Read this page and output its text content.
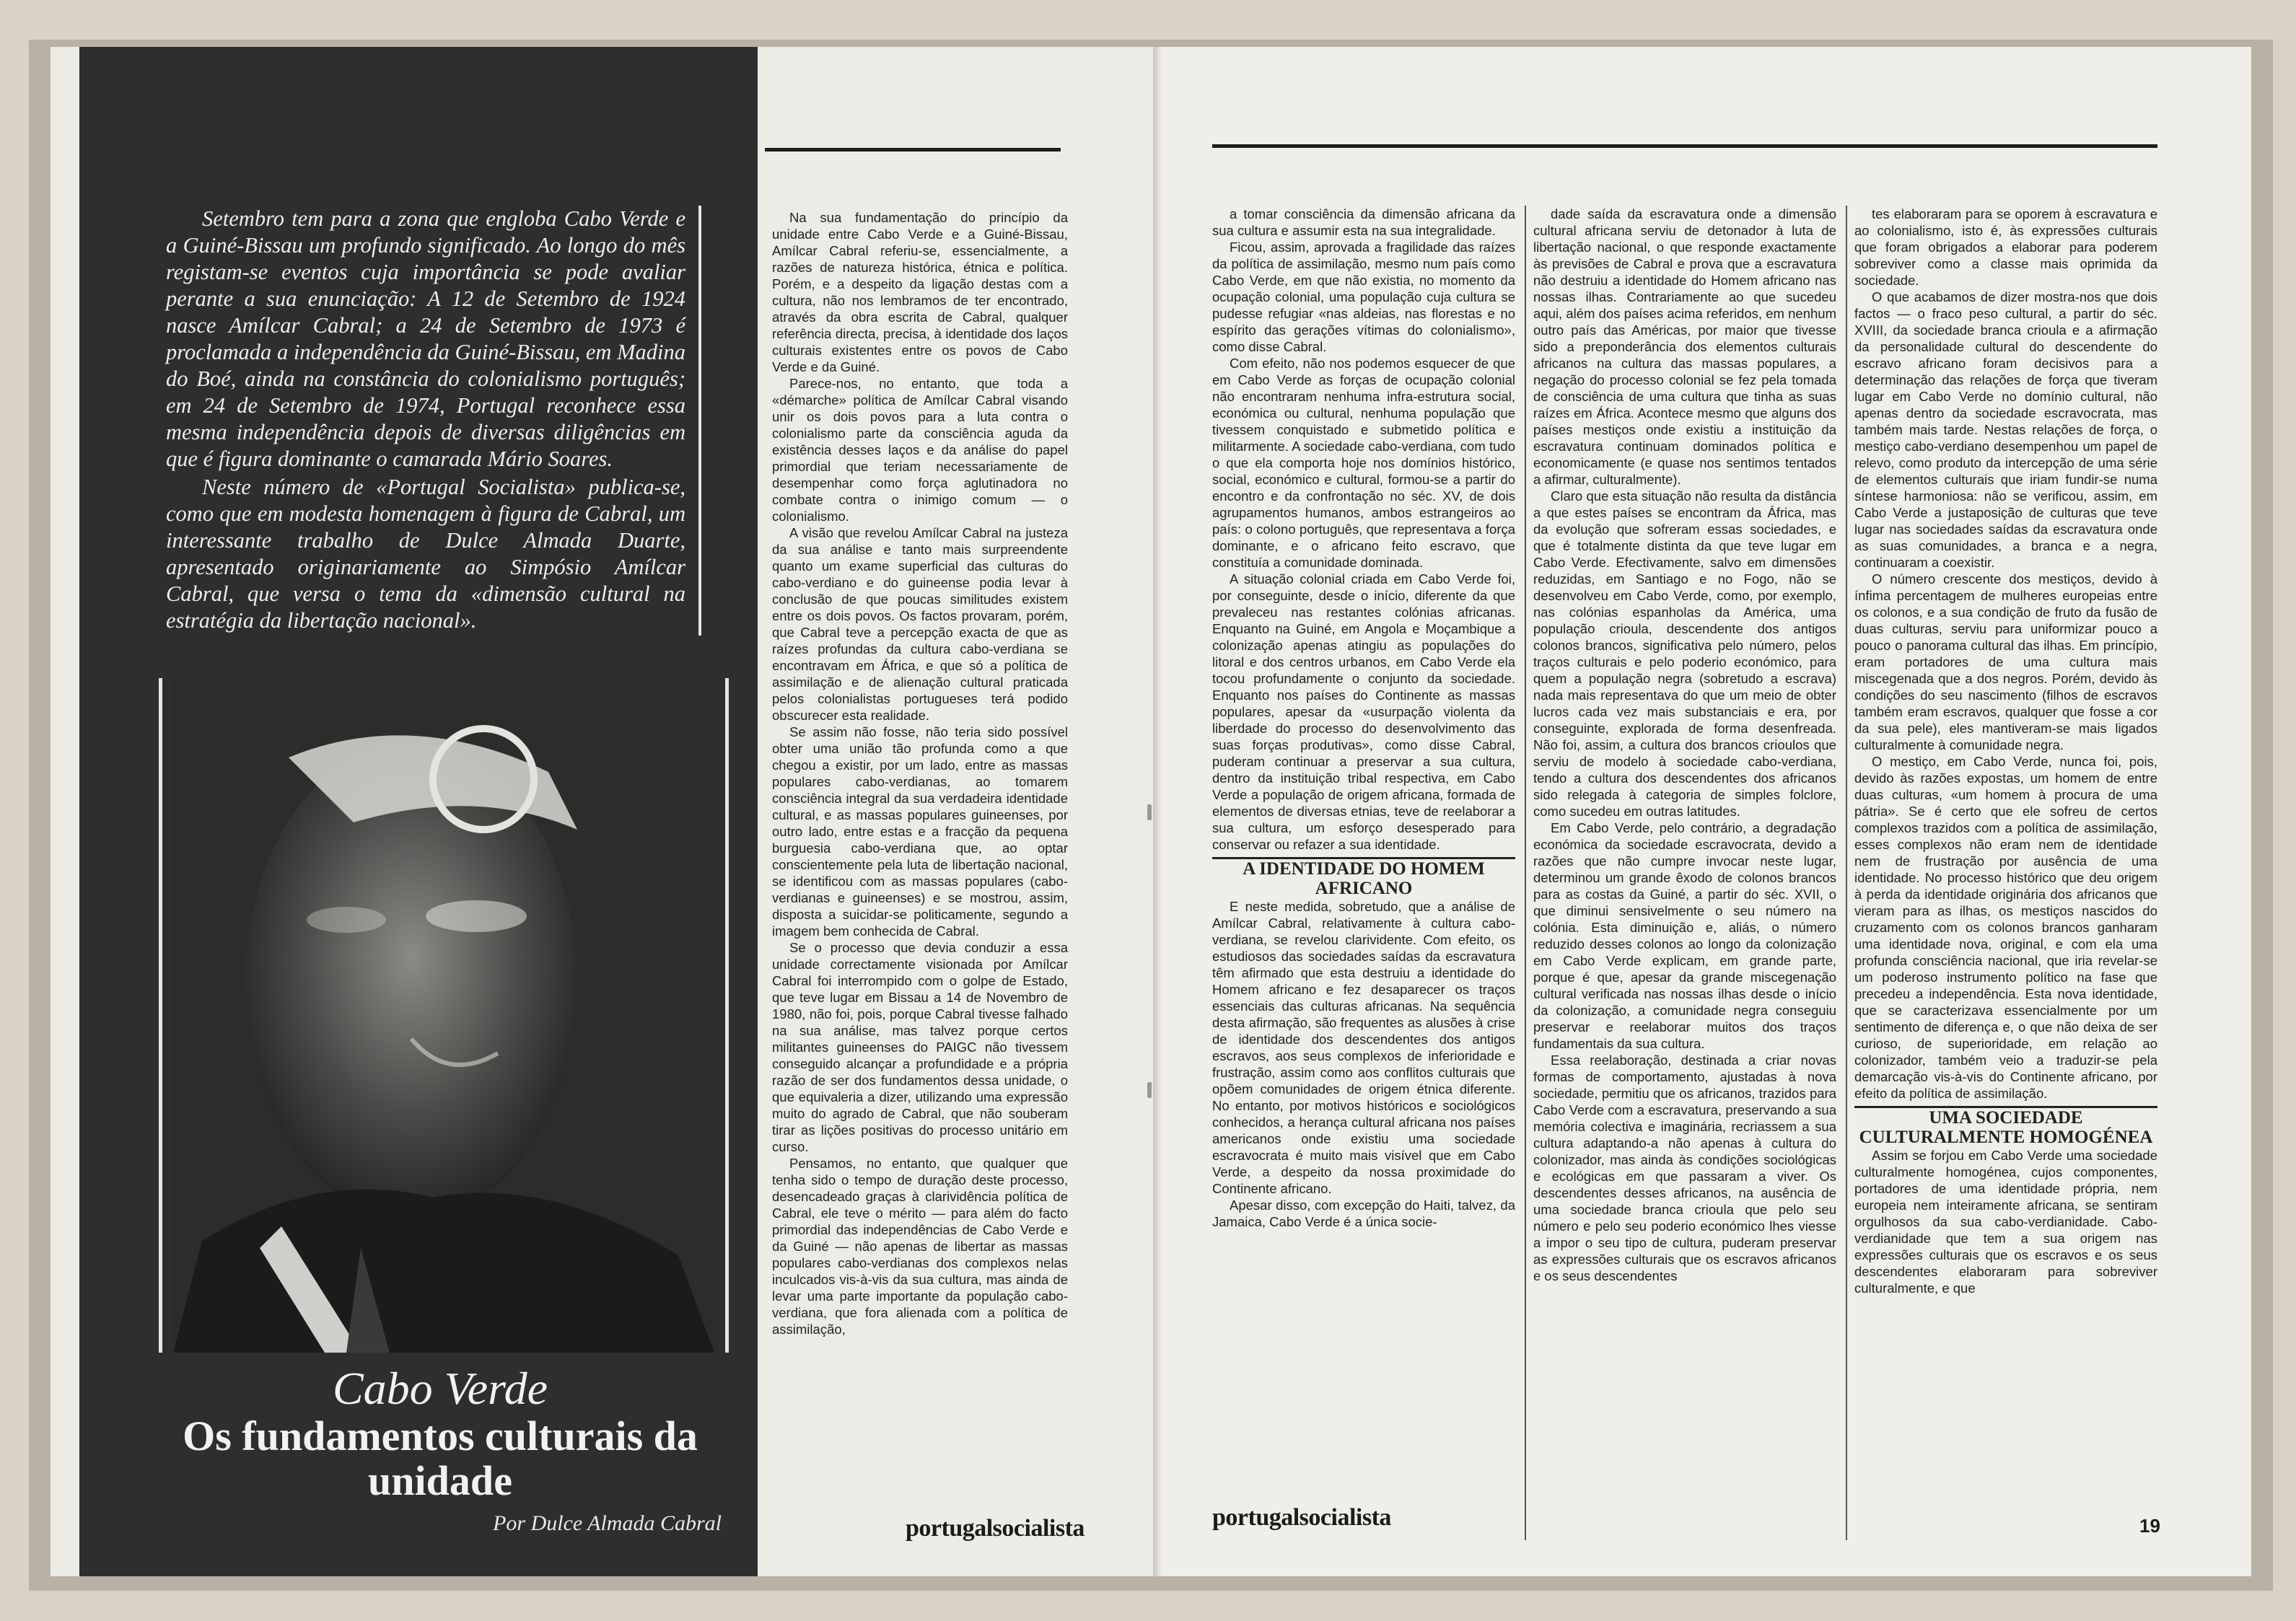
Setembro tem para a zona que engloba Cabo Verde e a Guiné-Bissau um profundo significado. Ao longo do mês registam-se eventos cuja importância se pode avaliar perante a sua enunciação: A 12 de Setembro de 1924 nasce Amílcar Cabral; a 24 de Setembro de 1973 é proclamada a independência da Guiné-Bissau, em Madina do Boé, ainda na constância do colonialismo português; em 24 de Setembro de 1974, Portugal reconhece essa mesma independência depois de diversas diligências em que é figura dominante o camarada Mário Soares.

Neste número de «Portugal Socialista» publica-se, como que em modesta homenagem à figura de Cabral, um interessante trabalho de Dulce Almada Duarte, apresentado originariamente ao Simpósio Amílcar Cabral, que versa o tema da «dimensão cultural na estratégia da libertação nacional».

Cabo Verde
Os fundamentos culturais da unidade
Por Dulce Almada Cabral

Na sua fundamentação do princípio da unidade entre Cabo Verde e a Guiné-Bissau, Amílcar Cabral referiu-se, essencialmente, a razões de natureza histórica, étnica e política. Porém, e a despeito da ligação destas com a cultura, não nos lembramos de ter encontrado, através da obra escrita de Cabral, qualquer referência directa, precisa, à identidade dos laços culturais existentes entre os povos de Cabo Verde e da Guiné.

Parece-nos, no entanto, que toda a «démarche» política de Amílcar Cabral visando unir os dois povos para a luta contra o colonialismo parte da consciência aguda da existência desses laços e da análise do papel primordial que teriam necessariamente de desempenhar como força aglutinadora no combate contra o inimigo comum — o colonialismo.

A visão que revelou Amílcar Cabral na justeza da sua análise e tanto mais surpreendente quanto um exame superficial das culturas do cabo-verdiano e do guineense podia levar à conclusão de que poucas similitudes existem entre os dois povos. Os factos provaram, porém, que Cabral teve a percepção exacta de que as raízes profundas da cultura cabo-verdiana se encontravam em África, e que só a política de assimilação e de alienação cultural praticada pelos colonialistas portugueses terá podido obscurecer esta realidade.

Se assim não fosse, não teria sido possível obter uma união tão profunda como a que chegou a existir, por um lado, entre as massas populares cabo-verdianas, ao tomarem consciência integral da sua verdadeira identidade cultural, e as massas populares guineenses, por outro lado, entre estas e a fracção da pequena burguesia cabo-verdiana que, ao optar conscientemente pela luta de libertação nacional, se identificou com as massas populares (cabo-verdianas e guineenses) e se mostrou, assim, disposta a suicidar-se politicamente, segundo a imagem bem conhecida de Cabral.

Se o processo que devia conduzir a essa unidade correctamente visionada por Amílcar Cabral foi interrompido com o golpe de Estado, que teve lugar em Bissau a 14 de Novembro de 1980, não foi, pois, porque Cabral tivesse falhado na sua análise, mas talvez porque certos militantes guineenses do PAIGC não tivessem conseguido alcançar a profundidade e a própria razão de ser dos fundamentos dessa unidade, o que equivaleria a dizer, utilizando uma expressão muito do agrado de Cabral, que não souberam tirar as lições positivas do processo unitário em curso.

Pensamos, no entanto, que qualquer que tenha sido o tempo de duração deste processo, desencadeado graças à clarividência política de Cabral, ele teve o mérito — para além do facto primordial das independências de Cabo Verde e da Guiné — não apenas de libertar as massas populares cabo-verdianas dos complexos nelas inculcados vis-à-vis da sua cultura, mas ainda de levar uma parte importante da população cabo-verdiana, que fora alienada com a política de assimilação,

portugalsocialista

a tomar consciência da dimensão africana da sua cultura e assumir esta na sua integralidade.

Ficou, assim, aprovada a fragilidade das raízes da política de assimilação, mesmo num país como Cabo Verde, em que não existia, no momento da ocupação colonial, uma população cuja cultura se pudesse refugiar «nas aldeias, nas florestas e no espírito das gerações vítimas do colonialismo», como disse Cabral.

Com efeito, não nos podemos esquecer de que em Cabo Verde as forças de ocupação colonial não encontraram nenhuma infra-estrutura social, económica ou cultural, nenhuma população que tivessem conquistado e submetido política e militarmente. A sociedade cabo-verdiana, com tudo o que ela comporta hoje nos domínios histórico, social, económico e cultural, formou-se a partir do encontro e da confrontação no séc. XV, de dois agrupamentos humanos, ambos estrangeiros ao país: o colono português, que representava a força dominante, e o africano feito escravo, que constituía a comunidade dominada.

A situação colonial criada em Cabo Verde foi, por conseguinte, desde o início, diferente da que prevaleceu nas restantes colónias africanas. Enquanto na Guiné, em Angola e Moçambique a colonização apenas atingiu as populações do litoral e dos centros urbanos, em Cabo Verde ela tocou profundamente o conjunto da sociedade. Enquanto nos países do Continente as massas populares, apesar da «usurpação violenta da liberdade do processo do desenvolvimento das suas forças produtivas», como disse Cabral, puderam continuar a preservar a sua cultura, dentro da instituição tribal respectiva, em Cabo Verde a população de origem africana, formada de elementos de diversas etnias, teve de reelaborar a sua cultura, um esforço desesperado para conservar ou refazer a sua identidade.

A IDENTIDADE DO HOMEM AFRICANO

E neste medida, sobretudo, que a análise de Amílcar Cabral, relativamente à cultura cabo-verdiana, se revelou clarividente. Com efeito, os estudiosos das sociedades saídas da escravatura têm afirmado que esta destruiu a identidade do Homem africano e fez desaparecer os traços essenciais das culturas africanas. Na sequência desta afirmação, são frequentes as alusões à crise de identidade dos descendentes dos antigos escravos, aos seus complexos de inferioridade e frustração, assim como aos conflitos culturais que opõem comunidades de origem étnica diferente. No entanto, por motivos históricos e sociológicos conhecidos, a herança cultural africana nos países americanos onde existiu uma sociedade escravocrata é muito mais visível que em Cabo Verde, a despeito da nossa proximidade do Continente africano.

Apesar disso, com excepção do Haiti, talvez, da Jamaica, Cabo Verde é a única socie-

dade saída da escravatura onde a dimensão cultural africana serviu de detonador à luta de libertação nacional, o que responde exactamente às previsões de Cabral e prova que a escravatura não destruiu a identidade do Homem africano nas nossas ilhas. Contrariamente ao que sucedeu aqui, além dos países acima referidos, em nenhum outro país das Américas, por maior que tivesse sido a preponderância dos elementos culturais africanos na cultura das massas populares, a negação do processo colonial se fez pela tomada de consciência de uma cultura que tinha as suas raízes em África. Acontece mesmo que alguns dos países mestiços onde existiu a instituição da escravatura continuam dominados política e economicamente (e quase nos sentimos tentados a afirmar, culturalmente).

Claro que esta situação não resulta da distância a que estes países se encontram da África, mas da evolução que sofreram essas sociedades, e que é totalmente distinta da que teve lugar em Cabo Verde. Efectivamente, salvo em dimensões reduzidas, em Santiago e no Fogo, não se desenvolveu em Cabo Verde, como, por exemplo, nas colónias espanholas da América, uma população crioula, descendente dos antigos colonos brancos, significativa pelo número, pelos traços culturais e pelo poderio económico, para quem a população negra (sobretudo a escrava) nada mais representava do que um meio de obter lucros cada vez mais substanciais e era, por conseguinte, explorada de forma desenfreada. Não foi, assim, a cultura dos brancos crioulos que serviu de modelo à sociedade cabo-verdiana, tendo a cultura dos descendentes dos africanos sido relegada à categoria de simples folclore, como sucedeu em outras latitudes.

Em Cabo Verde, pelo contrário, a degradação económica da sociedade escravocrata, devido a razões que não cumpre invocar neste lugar, determinou um grande êxodo de colonos brancos para as costas da Guiné, a partir do séc. XVII, o que diminui sensivelmente o seu número na colónia. Esta diminuição e, aliás, o número reduzido desses colonos ao longo da colonização em Cabo Verde explicam, em grande parte, porque é que, apesar da grande miscegenação cultural verificada nas nossas ilhas desde o início da colonização, a comunidade negra conseguiu preservar e reelaborar muitos dos traços fundamentais da sua cultura.

Essa reelaboração, destinada a criar novas formas de comportamento, ajustadas à nova sociedade, permitiu que os africanos, trazidos para Cabo Verde com a escravatura, preservando a sua memória colectiva e imaginária, recriassem a sua cultura adaptando-a não apenas à cultura do colonizador, mas ainda às condições sociológicas e ecológicas em que passaram a viver. Os descendentes desses africanos, na ausência de uma sociedade branca crioula que pelo seu número e pelo seu poderio económico lhes viesse a impor o seu tipo de cultura, puderam preservar as expressões culturais que os escravos africanos e os seus descendentes

tes elaboraram para se oporem à escravatura e ao colonialismo, isto é, às expressões culturais que foram obrigados a elaborar para poderem sobreviver como a classe mais oprimida da sociedade.

O que acabamos de dizer mostra-nos que dois factos — o fraco peso cultural, a partir do séc. XVIII, da sociedade branca crioula e a afirmação da personalidade cultural do descendente do escravo africano foram decisivos para a determinação das relações de força que tiveram lugar em Cabo Verde no domínio cultural, não apenas dentro da sociedade escravocrata, mas também mais tarde. Nestas relações de força, o mestiço cabo-verdiano desempenhou um papel de relevo, como produto da intercepção de uma série de elementos culturais que iriam fundir-se numa síntese harmoniosa: não se verificou, assim, em Cabo Verde a justaposição de culturas que teve lugar nas sociedades saídas da escravatura onde as suas comunidades, a branca e a negra, continuaram a coexistir.

O número crescente dos mestiços, devido à ínfima percentagem de mulheres europeias entre os colonos, e a sua condição de fruto da fusão de duas culturas, serviu para uniformizar pouco a pouco o panorama cultural das ilhas. Em princípio, eram portadores de uma cultura mais miscegenada que a dos negros. Porém, devido às condições do seu nascimento (filhos de escravos também eram escravos, qualquer que fosse a cor da sua pele), eles mantiveram-se mais ligados culturalmente à comunidade negra.

O mestiço, em Cabo Verde, nunca foi, pois, devido às razões expostas, um homem de entre duas culturas, «um homem à procura de uma pátria». Se é certo que ele sofreu de certos complexos trazidos com a política de assimilação, esses complexos não eram nem de identidade nem de frustração por ausência de uma identidade. No processo histórico que deu origem à perda da identidade originária dos africanos que vieram para as ilhas, os mestiços nascidos do cruzamento com os colonos brancos ganharam uma identidade nova, original, e com ela uma profunda consciência nacional, que iria revelar-se um poderoso instrumento político na fase que precedeu a independência. Esta nova identidade, que se caracterizava essencialmente por um sentimento de diferença e, o que não deixa de ser curioso, de superioridade, em relação ao colonizador, também veio a traduzir-se pela demarcação vis-à-vis do Continente africano, por efeito da política de assimilação.

UMA SOCIEDADE CULTURALMENTE HOMOGÉNEA

Assim se forjou em Cabo Verde uma sociedade culturalmente homogénea, cujos componentes, portadores de uma identidade própria, nem europeia nem inteiramente africana, se sentiram orgulhosos da sua cabo-verdianidade. Cabo-verdianidade que tem a sua origem nas expressões culturais que os escravos e os seus descendentes elaboraram para sobreviver culturalmente, e que

portugalsocialista	19
